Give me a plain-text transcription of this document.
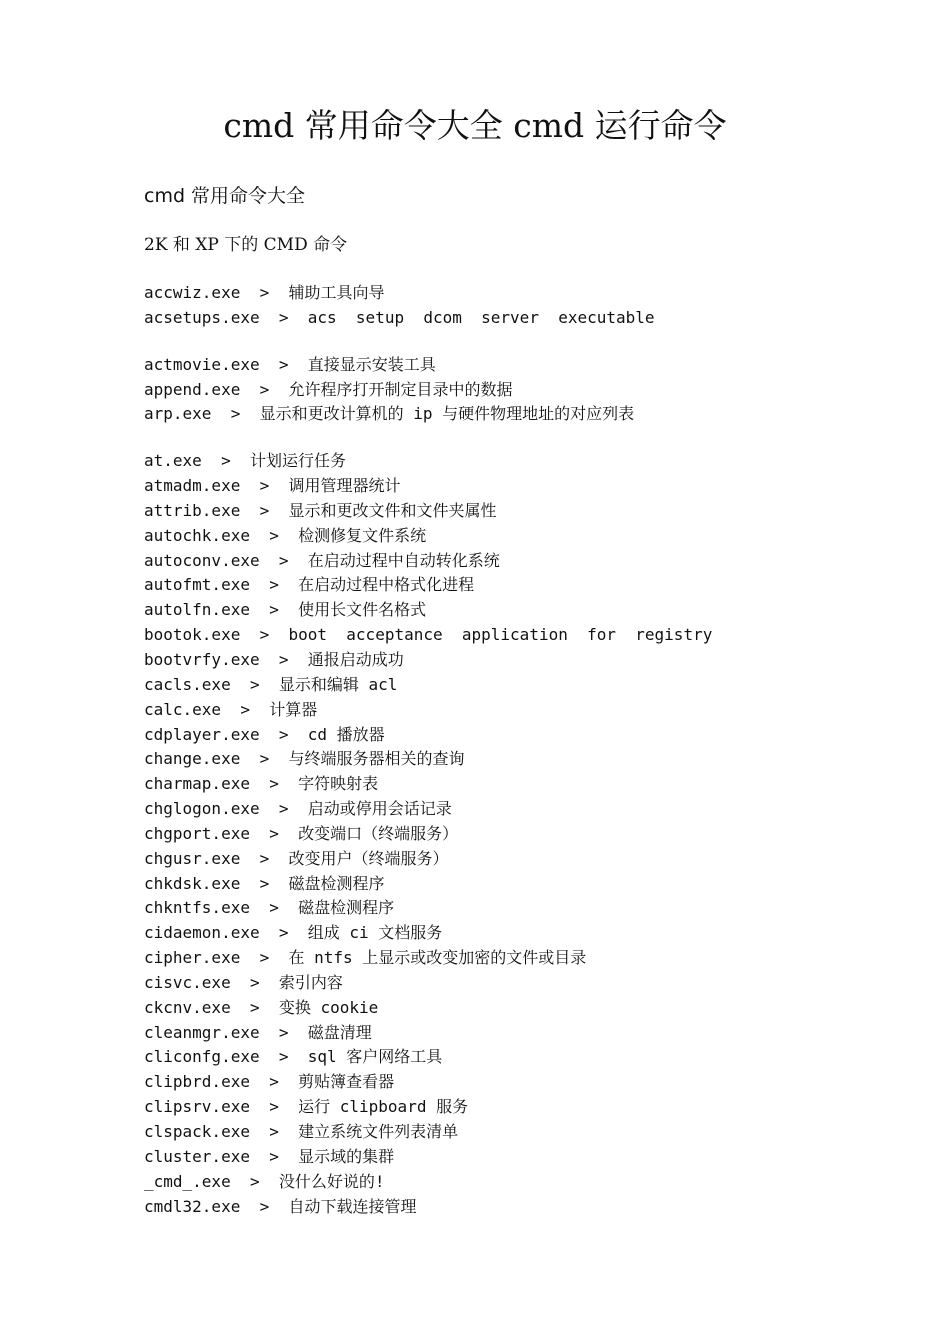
cmd 常用命令大全 cmd 运行命令
cmd 常用命令大全
2K 和 XP 下的 CMD 命令
accwiz.exe  >  辅助工具向导
acsetups.exe  >  acs  setup  dcom  server  executable
actmovie.exe  >  直接显示安装工具
append.exe  >  允许程序打开制定目录中的数据
arp.exe  >  显示和更改计算机的 ip 与硬件物理地址的对应列表
at.exe  >  计划运行任务
atmadm.exe  >  调用管理器统计
attrib.exe  >  显示和更改文件和文件夹属性
autochk.exe  >  检测修复文件系统
autoconv.exe  >  在启动过程中自动转化系统
autofmt.exe  >  在启动过程中格式化进程
autolfn.exe  >  使用长文件名格式
bootok.exe  >  boot  acceptance  application  for  registry
bootvrfy.exe  >  通报启动成功
cacls.exe  >  显示和编辑 acl
calc.exe  >  计算器
cdplayer.exe  >  cd 播放器
change.exe  >  与终端服务器相关的查询
charmap.exe  >  字符映射表
chglogon.exe  >  启动或停用会话记录
chgport.exe  >  改变端口（终端服务）
chgusr.exe  >  改变用户（终端服务）
chkdsk.exe  >  磁盘检测程序
chkntfs.exe  >  磁盘检测程序
cidaemon.exe  >  组成 ci 文档服务
cipher.exe  >  在 ntfs 上显示或改变加密的文件或目录
cisvc.exe  >  索引内容
ckcnv.exe  >  变换 cookie
cleanmgr.exe  >  磁盘清理
cliconfg.exe  >  sql 客户网络工具
clipbrd.exe  >  剪贴簿查看器
clipsrv.exe  >  运行 clipboard 服务
clspack.exe  >  建立系统文件列表清单
cluster.exe  >  显示域的集群
_cmd_.exe  >  没什么好说的!
cmdl32.exe  >  自动下载连接管理
